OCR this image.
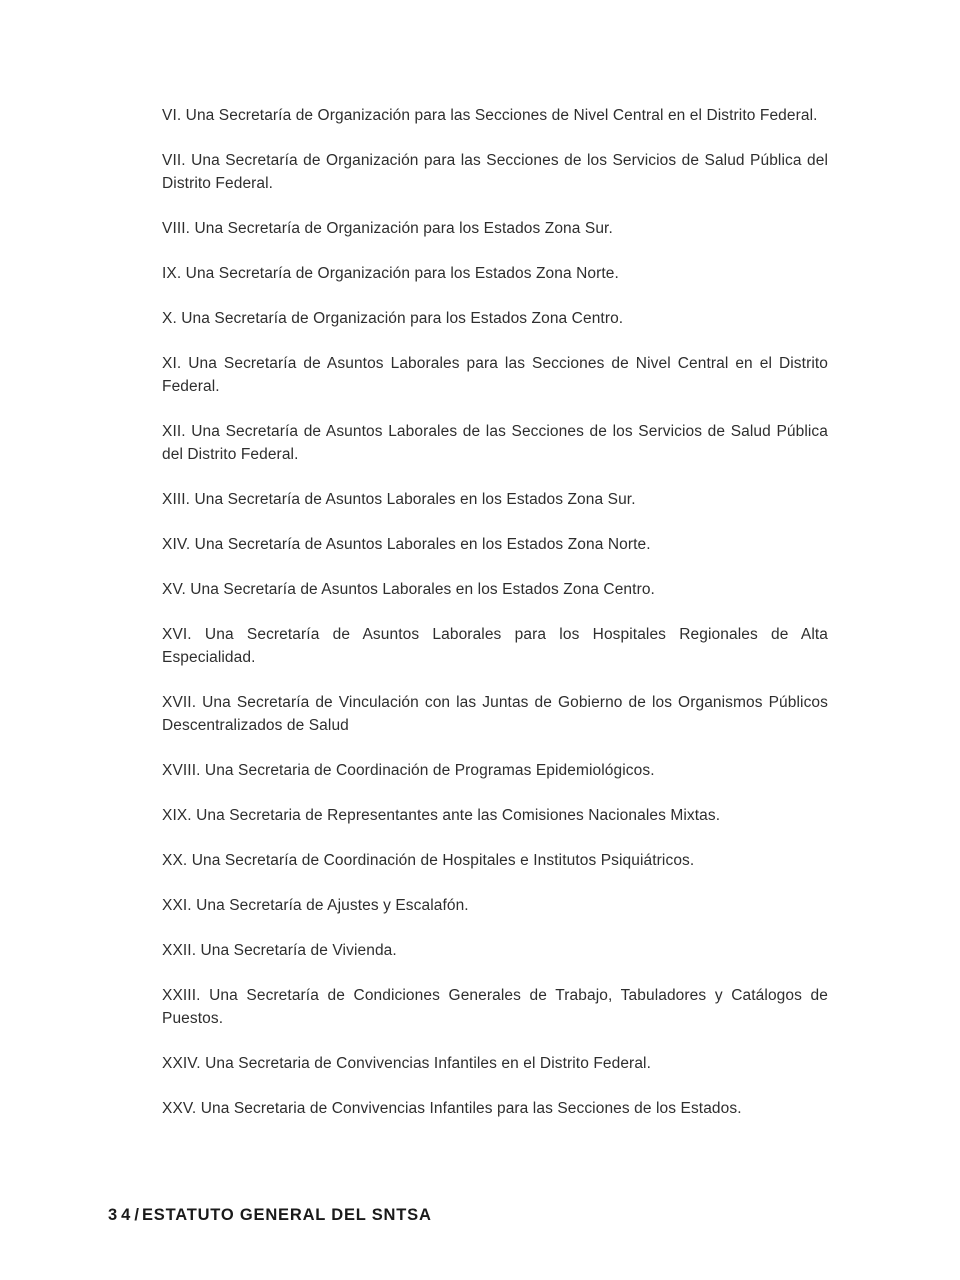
VI. Una Secretaría de Organización para las Secciones de Nivel Central en el Distrito Federal.

VII. Una Secretaría de Organización para las Secciones de los Servicios de Salud Pública del Distrito Federal.

VIII. Una Secretaría de Organización para los Estados Zona Sur.

IX. Una Secretaría de Organización para los Estados Zona Norte.

X. Una Secretaría de Organización para los Estados Zona Centro.

XI. Una Secretaría de Asuntos Laborales para las Secciones de Nivel Central en el Distrito Federal.

XII. Una Secretaría de Asuntos Laborales de las Secciones de los Servicios de Salud Pública del Distrito Federal.

XIII. Una Secretaría de Asuntos Laborales en los Estados Zona Sur.

XIV. Una Secretaría de Asuntos Laborales en los Estados Zona Norte.

XV. Una Secretaría de Asuntos Laborales en los Estados Zona Centro.

XVI. Una Secretaría de Asuntos Laborales para los Hospitales Regionales de Alta Especialidad.

XVII. Una Secretaría de Vinculación con las Juntas de Gobierno de los Organismos Públicos Descentralizados de Salud

XVIII. Una Secretaria de Coordinación de Programas Epidemiológicos.

XIX. Una Secretaria de Representantes ante las Comisiones Nacionales Mixtas.

XX. Una Secretaría de Coordinación de Hospitales e Institutos Psiquiátricos.

XXI. Una Secretaría de Ajustes y Escalafón.

XXII. Una Secretaría de Vivienda.

XXIII. Una Secretaría de Condiciones Generales de Trabajo, Tabuladores y Catálogos de Puestos.

XXIV. Una Secretaria de Convivencias Infantiles en el Distrito Federal.

XXV. Una Secretaria de Convivencias Infantiles para las Secciones de los Estados.

34/ ESTATUTO GENERAL DEL SNTSA
